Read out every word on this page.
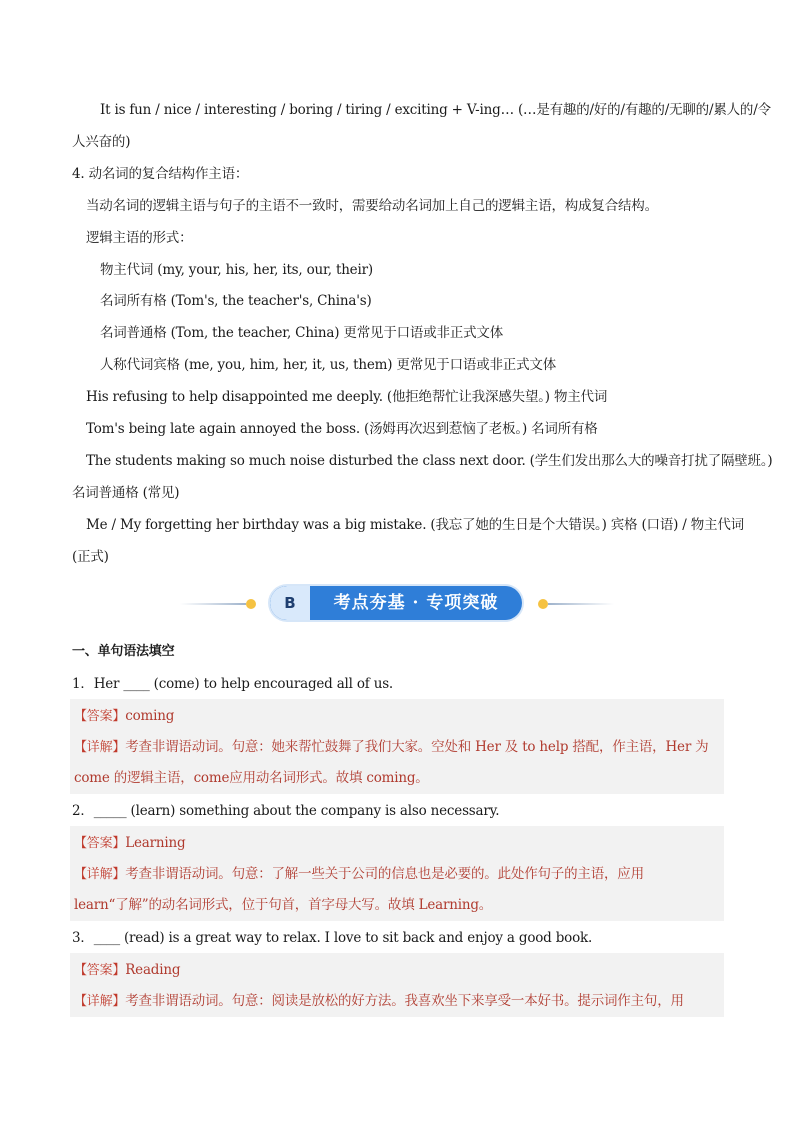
It is fun / nice / interesting / boring / tiring / exciting + V-ing… (…是有趣的/好的/有趣的/无聊的/累人的/令
人兴奋的)
4. 动名词的复合结构作主语：
当动名词的逻辑主语与句子的主语不一致时，需要给动名词加上自己的逻辑主语，构成复合结构。
逻辑主语的形式：
物主代词 (my, your, his, her, its, our, their)
名词所有格 (Tom's, the teacher's, China's)
名词普通格 (Tom, the teacher, China) 更常见于口语或非正式文体
人称代词宾格 (me, you, him, her, it, us, them) 更常见于口语或非正式文体
His refusing to help disappointed me deeply. (他拒绝帮忙让我深感失望。) 物主代词
Tom's being late again annoyed the boss. (汤姆再次迟到惹恼了老板。) 名词所有格
The students making so much noise disturbed the class next door. (学生们发出那么大的噪音打扰了隔壁班。)
名词普通格 (常见)
Me / My forgetting her birthday was a big mistake. (我忘了她的生日是个大错误。) 宾格 (口语) / 物主代词
(正式)
B	考点夯基 · 专项突破
一、单句语法填空
1．Her ____ (come) to help encouraged all of us.
【答案】coming
【详解】考查非谓语动词。句意：她来帮忙鼓舞了我们大家。空处和 Her 及 to help 搭配，作主语，Her 为
come 的逻辑主语，come应用动名词形式。故填 coming。
2．_____ (learn) something about the company is also necessary.
【答案】Learning
【详解】考查非谓语动词。句意：了解一些关于公司的信息也是必要的。此处作句子的主语，应用
learn“了解”的动名词形式，位于句首，首字母大写。故填 Learning。
3．____ (read) is a great way to relax. I love to sit back and enjoy a good book.
【答案】Reading
【详解】考查非谓语动词。句意：阅读是放松的好方法。我喜欢坐下来享受一本好书。提示词作主句，用
